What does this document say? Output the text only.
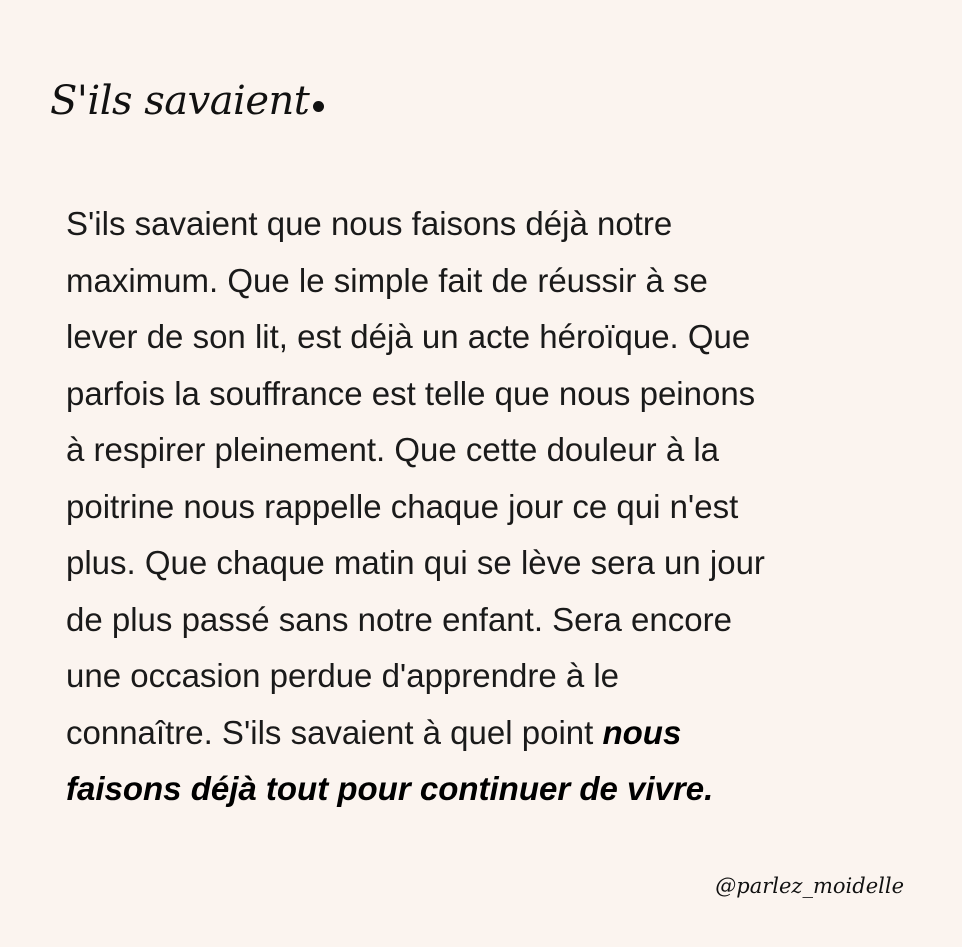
S'ils savaient

S'ils savaient que nous faisons déjà notre
maximum. Que le simple fait de réussir à se
lever de son lit, est déjà un acte héroïque. Que
parfois la souffrance est telle que nous peinons
à respirer pleinement. Que cette douleur à la
poitrine nous rappelle chaque jour ce qui n'est
plus. Que chaque matin qui se lève sera un jour
de plus passé sans notre enfant. Sera encore
une occasion perdue d'apprendre à le
connaître. S'ils savaient à quel point nous
faisons déjà tout pour continuer de vivre.

@parlez_moidelle
